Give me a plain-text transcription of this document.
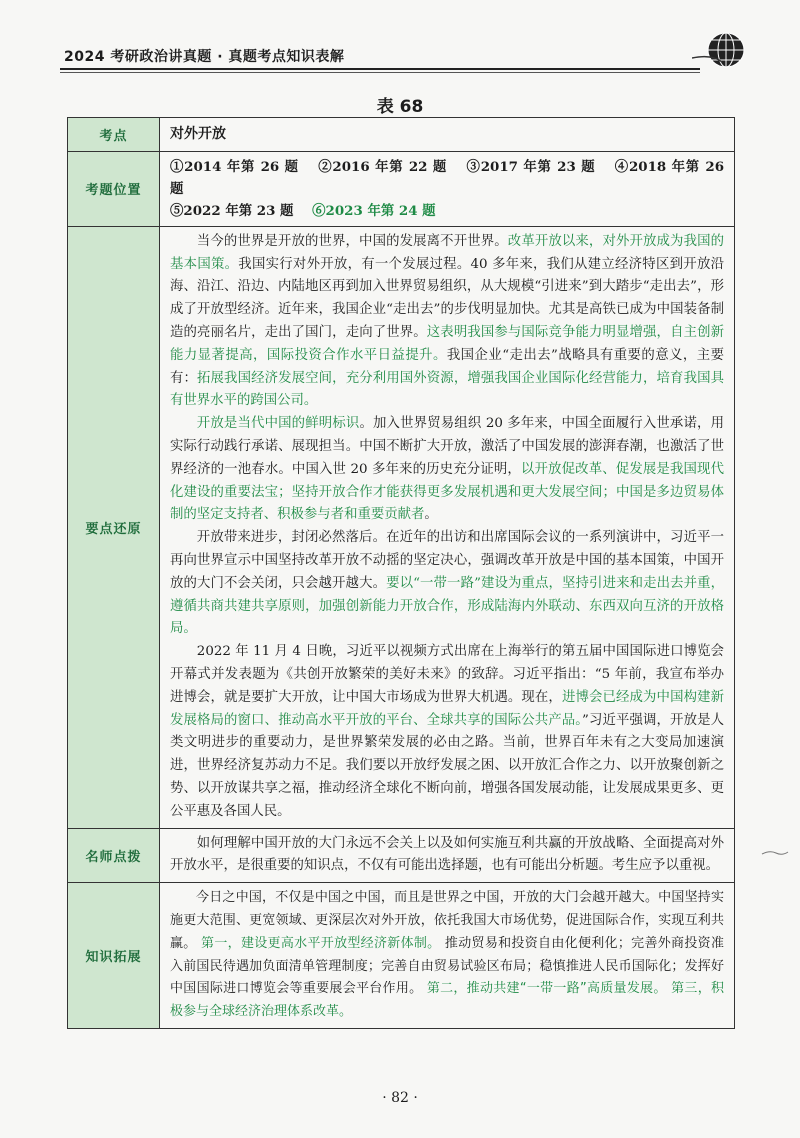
2024 考研政治讲真题 · 真题考点知识表解
表 68
考点	对外开放
考题位置
①2014 年第 26 题 ②2016 年第 22 题 ③2017 年第 23 题 ④2018 年第 26 题
⑤2022 年第 23 题 ⑥2023 年第 24 题
要点还原

当今的世界是开放的世界，中国的发展离不开世界。改革开放以来，对外开放成为我国的基本国策。我国实行对外开放，有一个发展过程。40 多年来，我们从建立经济特区到开放沿海、沿江、沿边、内陆地区再到加入世界贸易组织，从大规模“引进来”到大踏步“走出去”，形成了开放型经济。近年来，我国企业“走出去”的步伐明显加快。尤其是高铁已成为中国装备制造的亮丽名片，走出了国门，走向了世界。这表明我国参与国际竞争能力明显增强，自主创新能力显著提高，国际投资合作水平日益提升。我国企业“走出去”战略具有重要的意义，主要有：拓展我国经济发展空间，充分利用国外资源，增强我国企业国际化经营能力，培育我国具有世界水平的跨国公司。

开放是当代中国的鲜明标识。加入世界贸易组织 20 多年来，中国全面履行入世承诺，用实际行动践行承诺、展现担当。中国不断扩大开放，激活了中国发展的澎湃春潮，也激活了世界经济的一池春水。中国入世 20 多年来的历史充分证明，以开放促改革、促发展是我国现代化建设的重要法宝；坚持开放合作才能获得更多发展机遇和更大发展空间；中国是多边贸易体制的坚定支持者、积极参与者和重要贡献者。

开放带来进步，封闭必然落后。在近年的出访和出席国际会议的一系列演讲中，习近平一再向世界宣示中国坚持改革开放不动摇的坚定决心，强调改革开放是中国的基本国策，中国开放的大门不会关闭，只会越开越大。要以“一带一路”建设为重点，坚持引进来和走出去并重，遵循共商共建共享原则，加强创新能力开放合作，形成陆海内外联动、东西双向互济的开放格局。

2022 年 11 月 4 日晚，习近平以视频方式出席在上海举行的第五届中国国际进口博览会开幕式并发表题为《共创开放繁荣的美好未来》的致辞。习近平指出：“5 年前，我宣布举办进博会，就是要扩大开放，让中国大市场成为世界大机遇。现在，进博会已经成为中国构建新发展格局的窗口、推动高水平开放的平台、全球共享的国际公共产品。”习近平强调，开放是人类文明进步的重要动力，是世界繁荣发展的必由之路。当前，世界百年未有之大变局加速演进，世界经济复苏动力不足。我们要以开放纾发展之困、以开放汇合作之力、以开放聚创新之势、以开放谋共享之福，推动经济全球化不断向前，增强各国发展动能，让发展成果更多、更公平惠及各国人民。

名师点拨

如何理解中国开放的大门永远不会关上以及如何实施互利共赢的开放战略、全面提高对外开放水平，是很重要的知识点，不仅有可能出选择题，也有可能出分析题。考生应予以重视。

知识拓展

今日之中国，不仅是中国之中国，而且是世界之中国，开放的大门会越开越大。中国坚持实施更大范围、更宽领域、更深层次对外开放，依托我国大市场优势，促进国际合作，实现互利共赢。 第一，建设更高水平开放型经济新体制。 推动贸易和投资自由化便利化；完善外商投资准入前国民待遇加负面清单管理制度；完善自由贸易试验区布局；稳慎推进人民币国际化；发挥好中国国际进口博览会等重要展会平台作用。 第二，推动共建“一带一路”高质量发展。 第三，积极参与全球经济治理体系改革。

· 82 ·
